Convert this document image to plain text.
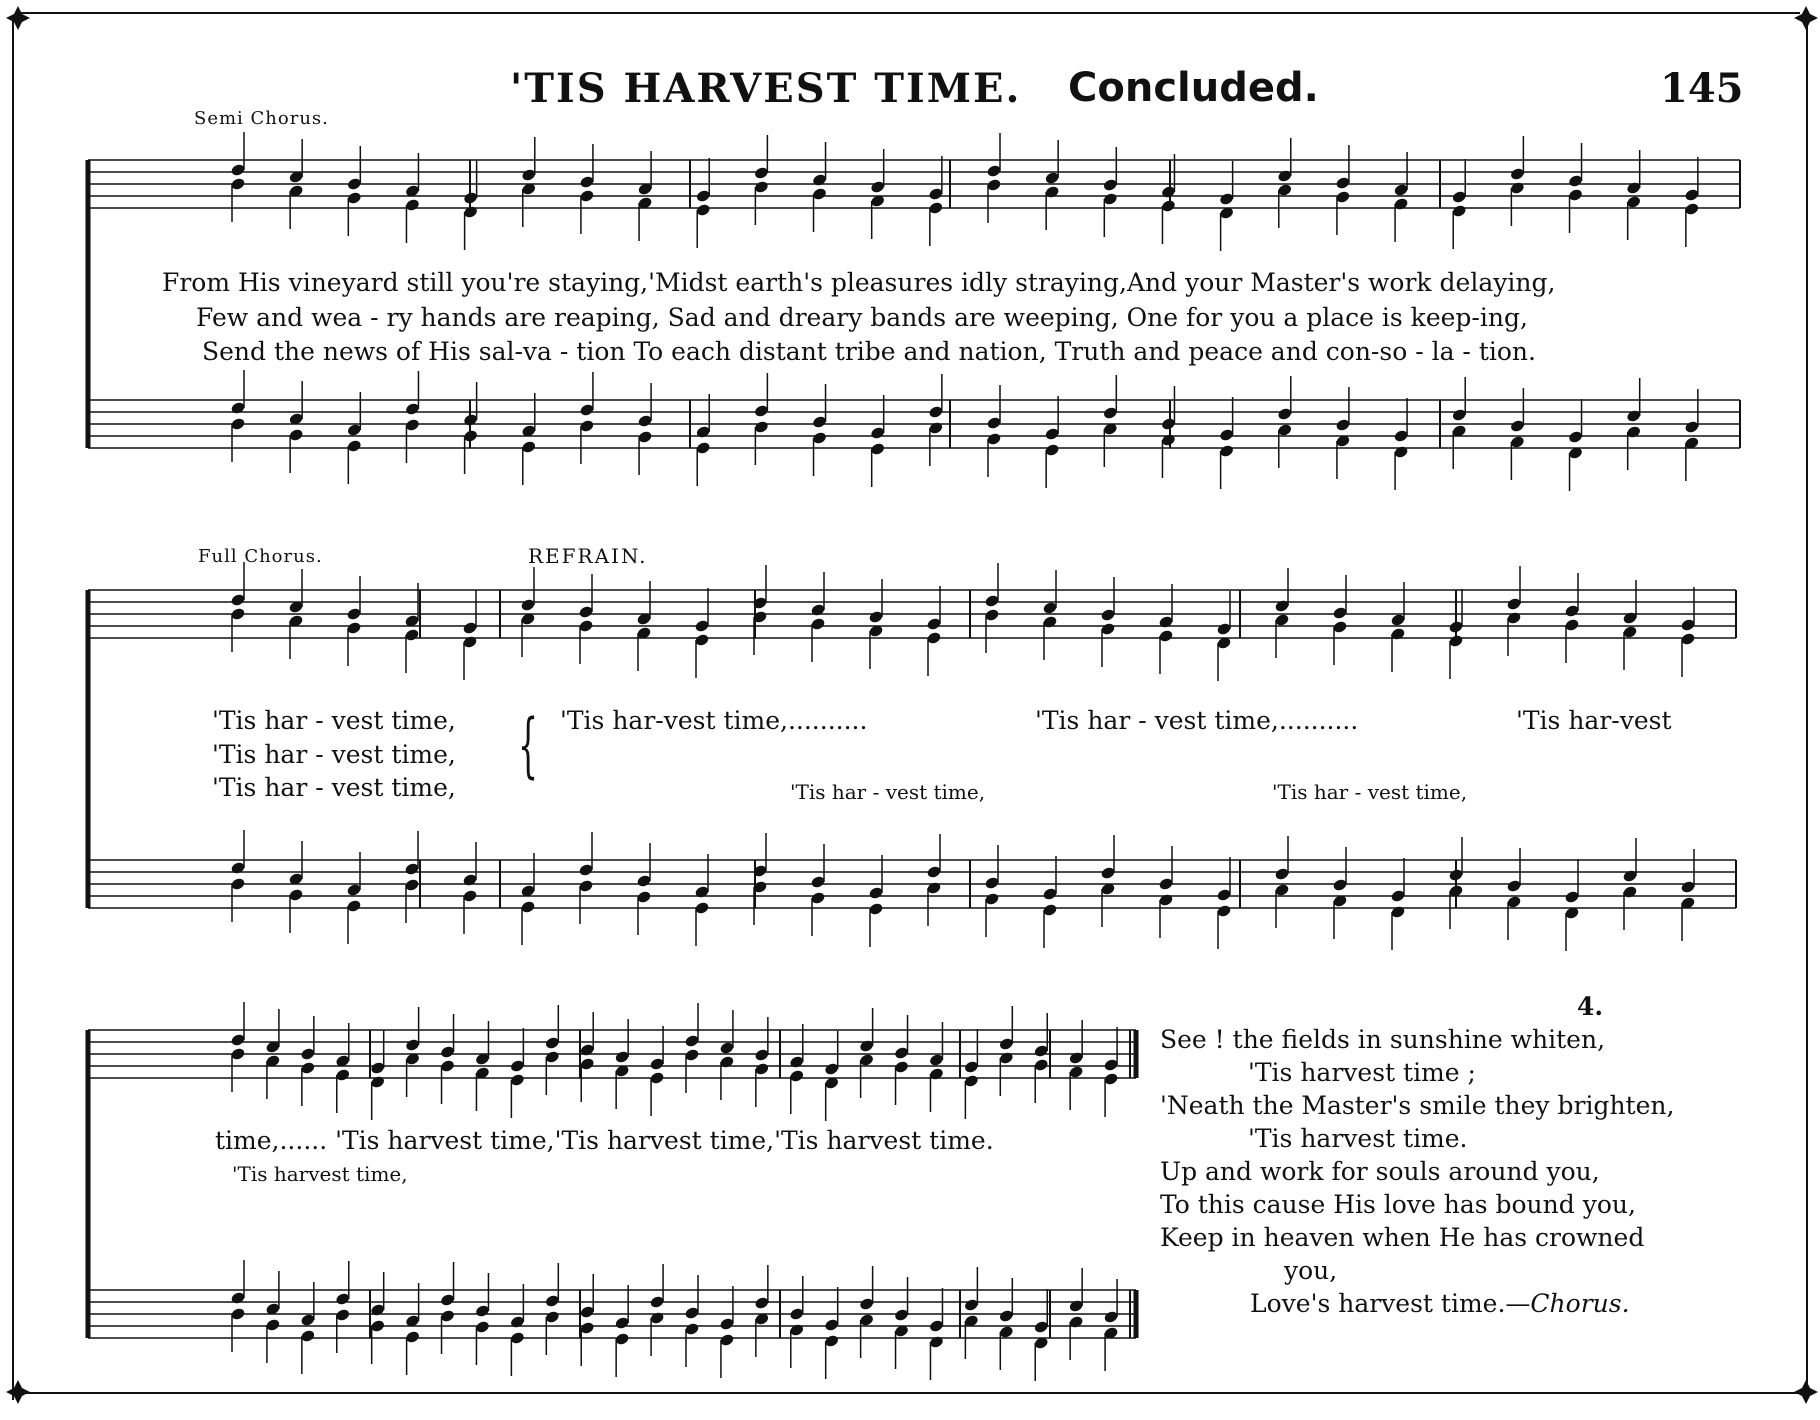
'TIS HARVEST TIME. Concluded.	145
Semi Chorus.
From His vineyard still you're staying,'Midst earth's pleasures idly straying,And your Master's work delaying,
Few and wea - ry hands are reaping, Sad and dreary bands are weeping, One for you a place is keep-ing,
Send the news of His sal-va - tion To each distant tribe and nation, Truth and peace and con-so - la - tion.
Full Chorus.	REFRAIN.
'Tis har - vest time,
'Tis har - vest time,
'Tis har - vest time,
{ 'Tis har-vest time,..........	'Tis har - vest time,..........	'Tis har-vest
'Tis har - vest time,	'Tis har - vest time,
time,...... 'Tis harvest time,'Tis harvest time,'Tis harvest time.
'Tis harvest time,
4.
See ! the fields in sunshine whiten,
'Tis harvest time ;
'Neath the Master's smile they brighten,
'Tis harvest time.
Up and work for souls around you,
To this cause His love has bound you,
Keep in heaven when He has crowned
you,
Love's harvest time.—Chorus.
